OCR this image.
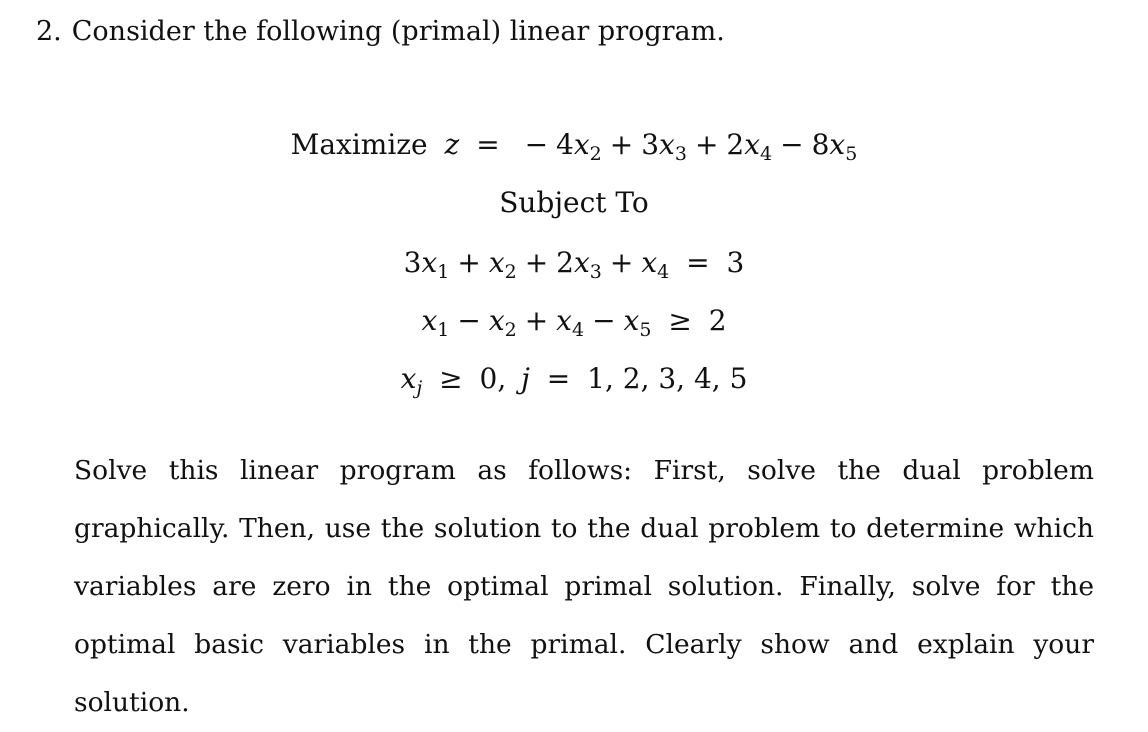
2. Consider the following (primal) linear program.
Maximize z = − $4x_2 + 3x_3 + 2x_4 - 8x_5$
Subject To
$3x_1 + x_2 + 2x_3 + x_4 = 3$
$x_1 - x_2 + x_4 - x_5 \ge 2$
$x_j \ge 0$, j = 1, 2, 3, 4, 5
Solve this linear program as follows: First, solve the dual problem graphically. Then, use the solution to the dual problem to determine which variables are zero in the optimal primal solution. Finally, solve for the optimal basic variables in the primal. Clearly show and explain your solution.
